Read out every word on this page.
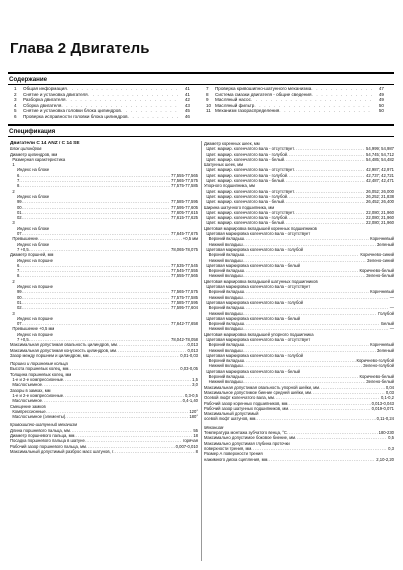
Глава 2 Двигатель
Содержание
1	Общая информация . . .	41
2	Снятие и установка двигателя . . .	41
3	Разборка двигателя . . .	42
4	Сборка двигателя . . .	43
5	Снятие и установка головки блока цилиндров . . .	45
6	Проверка исправности головки блока цилиндров . . .	46
7	Проверка кривошипно-шатунного механизма . . .	47
8	Система смазки двигателя - общие сведения . . .	49
9	Масляный насос . . .	49
10 Масляный фильтр . . .	50
11 Механизм газораспределения . . .	50
Спецификация
Двигатели С 14 ANZ / С 14 SE
Блок цилиндров
Диаметр цилиндров, мм
Размерная характеристика
1
Индекс на блоке
6 .....	77,555-77,565
7 .....	77,565-77,575
8 .....	77,575-77,585
2
Индекс на блоке
99 .....	77,585-77,595
00 .....	77,595-77,605
01 .....	77,605-77,615
02 .....	77,615-77,625
3
Индекс на блоке
07 .....	77,645-77,675
Превышение .....	+0,5 мм
Индекс на блоке
7 +0,5 .....	78,065-78,075
Диаметр поршней, мм
Индекс на поршне
6 .....	77,535-77,545
7 .....	77,545-77,555
8 .....	77,555-77,565
2
Индекс на поршне
99 .....	77,565-77,575
00 .....	77,575-77,585
01 .....	77,585-77,595
02 .....	77,595-77,604
3
Индекс на поршне
07 .....	77,642-77,658
Превышение +0,5 мм
Индекс на поршне
7 +0,5 .....	78,042-78,058
Максимальная допустимая овальность цилиндров, мм .....	0,013
Максимальная допустимая конусность цилиндров, мм .....	0,013
Зазор между поршнем и цилиндром, мм .....	0,01-0,03
Поршни и поршневые кольца
Высота поршневых колец, мм .....	0,03-0,05
Толщина поршневых колец, мм
1-е и 2-е компрессионные .....	1,5
Маслосъемное .....	3,0
Зазоры в замках, мм
1-е и 2-е компрессионные .....	0,3-0,5
Маслосъемное .....	0,4-1,40
Смещение замков
Компрессионные .....	120°
Маслосъемное (элементы) .....	180°
Кривошипно-шатунный механизм
Длина поршневого пальца, мм .....	55
Диаметр поршневого пальца, мм .....	18
Посадка поршневого пальца в шатуне .....	горячая
Рабочий зазор поршневого пальца, мм .....	0,007-0,010
Максимальный допустимый разброс масс шатунов, г .....	8
Диаметр коренных шеек, мм
Цвет. маркир. коленчатого вала - отсутствует .....	54,999; 54,987
Цвет. маркир. коленчатого вала - голубой .....	54,745; 54,712
Цвет. маркир. коленчатого вала - белый .....	54,485; 54,482
Шатунных шеек, мм
Цвет. маркир. коленчатого вала - отсутствует .....	42,987; 42,971
Цвет. маркир. коленчатого вала - голубой .....	42,737; 42,721
Цвет. маркир. коленчатого вала - белый .....	42,487; 42,471
Упорного подшипника, мм
Цвет. маркир. коленчатого вала - отсутствует .....	26,052; 26,000
Цвет. маркир. коленчатого вала - голубой .....	26,252; 21,838
Цвет. маркир. коленчатого вала - белый .....	26,452; 26,400
Ширина шатунного подшипника, мм
Цвет. маркир. коленчатого вала - отсутствует .....	22,080; 21,960
Цвет. маркир. коленчатого вала - голубой .....	22,080; 21,960
Цвет. маркир. коленчатого вала - белый .....	22,080; 21,960
Цветовая маркировка вкладышей коренных подшипников
Цветовая маркировка коленчатого вала - отсутствует
Верхний вкладыш .....	Коричневый
Нижний вкладыш .....	Зеленый
Цветовая маркировка коленчатого вала - голубой
Верхний вкладыш .....	Коричнево-синий
Нижний вкладыш .....	Зелено-синий
Цветовая маркировка коленчатого вала - белый
Верхний вкладыш .....	Коричнево-белый
Нижний вкладыш .....	Зелено-белый
Цветовая маркировка вкладышей шатунных подшипников
Цветовая маркировка коленчатого вала - отсутствует
Верхний вкладыш .....	Коричневый
Нижний вкладыш .....	—
Цветовая маркировка коленчатого вала - голубой
Верхний вкладыш .....	—
Нижний вкладыш .....	Голубой
Цветовая маркировка коленчатого вала - белый
Верхний вкладыш .....	Белый
Нижний вкладыш .....	—
Цветовая маркировка вкладышей упорного подшипника
Цветовая маркировка коленчатого вала - отсутствует
Верхний вкладыш .....	Коричневый
Нижний вкладыш .....	Зеленый
Цветовая маркировка коленчатого вала - голубой
Верхний вкладыш .....	Коричнево-голубой
Нижний вкладыш .....	Зелено-голубой
Цветовая маркировка коленчатого вала - белый
Верхний вкладыш .....	Коричнево-белый
Нижний вкладыш .....	Зелено-белый
Максимальная допустимая овальность упорной шейки, мм .....	0,04
Максимальное допустимое биение средней шейки, мм .....	0,03
Осевой люфт коленчатого вала, мм .....	0,1-0,2
Рабочий зазор коренных подшипников, мм .....	0,013-0,043
Рабочий зазор шатунных подшипников, мм .....	0,019-0,071
Максимальный допустимый
осевой люфт шатунов, мм .....	0,11-0,24
Механизм
Температура монтажа зубчатого венца, °С .....	180-230
Максимально допустимое боковое биение, мм .....	0,5
Максимально допустимая глубина проточки
поверхности трения, мм .....	0,3
Размер А поверхности трения
нажимного диска сцепления, мм .....	2,10-2,20
